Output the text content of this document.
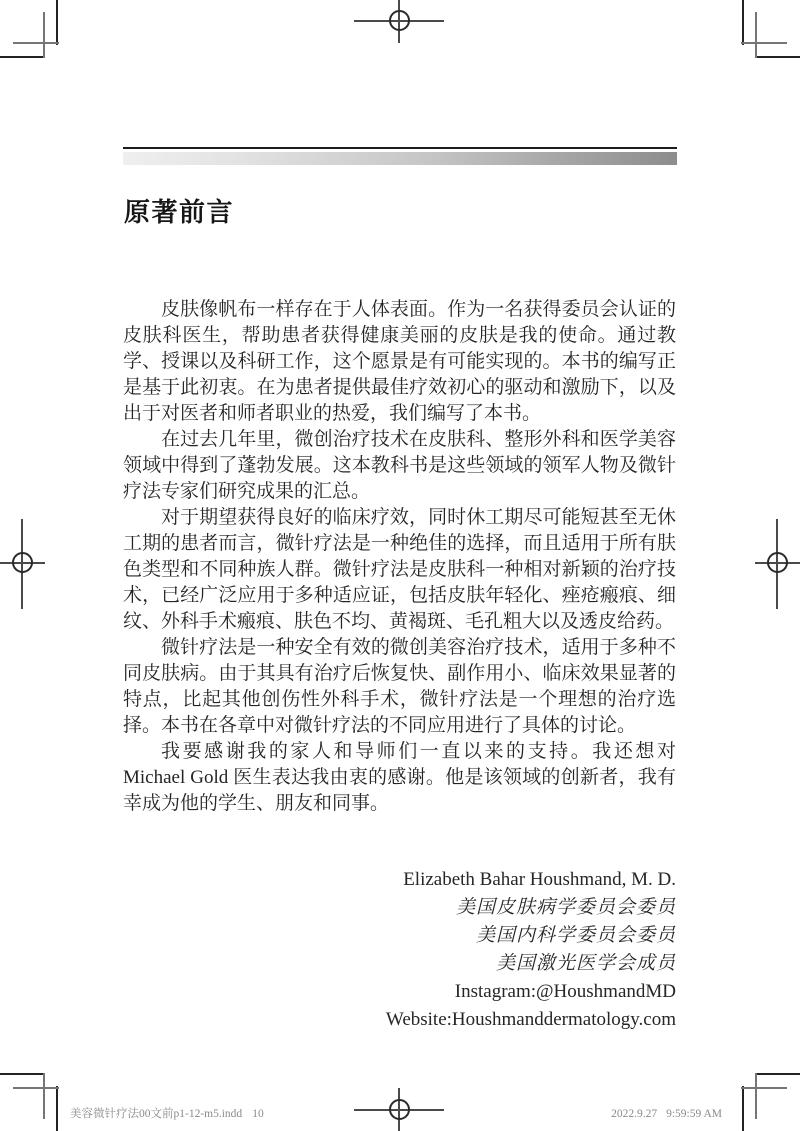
原著前言

皮肤像帆布一样存在于人体表面。作为一名获得委员会认证的皮肤科医生，帮助患者获得健康美丽的皮肤是我的使命。通过教学、授课以及科研工作，这个愿景是有可能实现的。本书的编写正是基于此初衷。在为患者提供最佳疗效初心的驱动和激励下，以及出于对医者和师者职业的热爱，我们编写了本书。

在过去几年里，微创治疗技术在皮肤科、整形外科和医学美容领域中得到了蓬勃发展。这本教科书是这些领域的领军人物及微针疗法专家们研究成果的汇总。

对于期望获得良好的临床疗效，同时休工期尽可能短甚至无休工期的患者而言，微针疗法是一种绝佳的选择，而且适用于所有肤色类型和不同种族人群。微针疗法是皮肤科一种相对新颖的治疗技术，已经广泛应用于多种适应证，包括皮肤年轻化、痤疮瘢痕、细纹、外科手术瘢痕、肤色不均、黄褐斑、毛孔粗大以及透皮给药。

微针疗法是一种安全有效的微创美容治疗技术，适用于多种不同皮肤病。由于其具有治疗后恢复快、副作用小、临床效果显著的特点，比起其他创伤性外科手术，微针疗法是一个理想的治疗选择。本书在各章中对微针疗法的不同应用进行了具体的讨论。

我要感谢我的家人和导师们一直以来的支持。我还想对 Michael Gold 医生表达我由衷的感谢。他是该领域的创新者，我有幸成为他的学生、朋友和同事。

Elizabeth Bahar Houshmand, M. D.
美国皮肤病学委员会委员
美国内科学委员会委员
美国激光医学会成员
Instagram:@HoushmandMD
Website:Houshmanddermatology.com
美容微针疗法00文前p1-12-m5.indd 10	2022.9.27 9:59:59 AM
